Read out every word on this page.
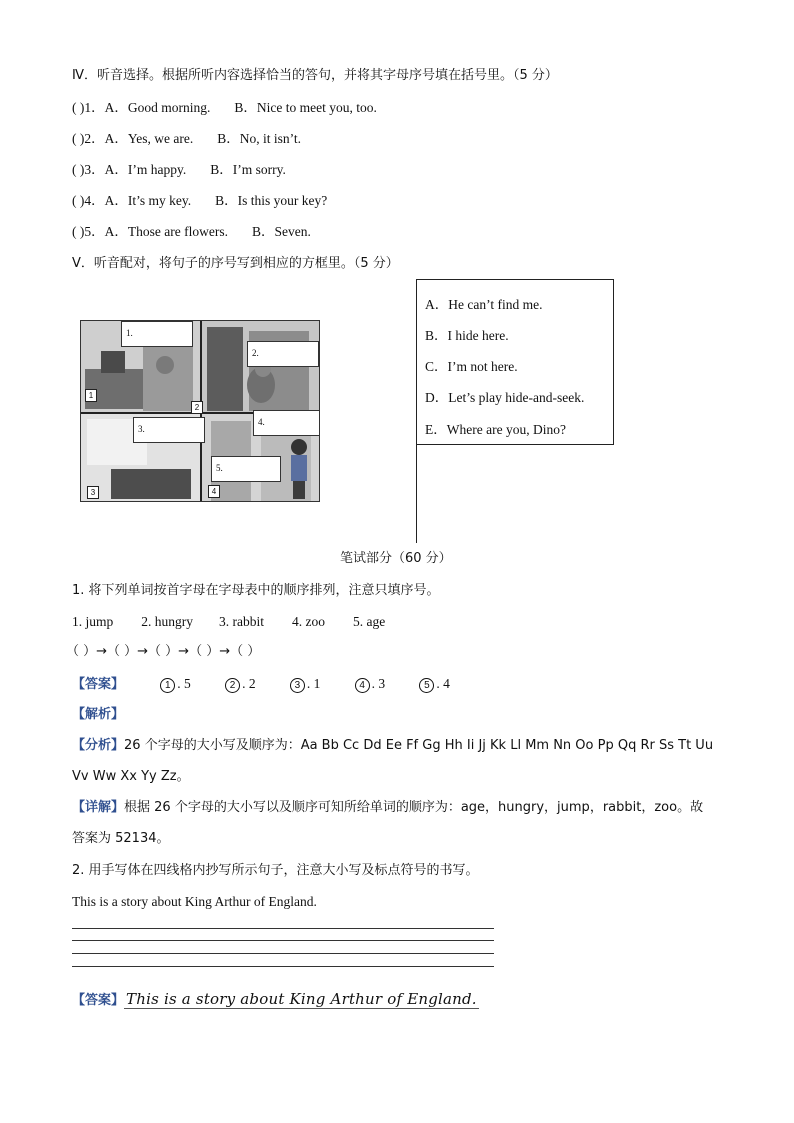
Ⅳ．听音选择。根据所听内容选择恰当的答句，并将其字母序号填在括号里。（5 分）
( )1．A．Good morning. B．Nice to meet you, too.
( )2．A．Yes, we are. B．No, it isn’t.
( )3．A．I’m happy. B．I’m sorry.
( )4．A．It’s my key. B．Is this your key?
( )5．A．Those are flowers. B．Seven.
Ⅴ．听音配对，将句子的序号写到相应的方框里。（5 分）
A．He can’t find me.
B．I hide here.
C．I’m not here.
D．Let’s play hide-and-seek.
E．Where are you, Dino?
1.
2.
3.
4.
5.
1
2
3	4
笔试部分（60 分）
1. 将下列单词按首字母在字母表中的顺序排列，注意只填序号。
1. jump 2. hungry 3. rabbit 4. zoo 5. age
（ ）→（ ）→（ ）→（ ）→（ ）
【答案】	1 . 5	2 . 2	3 . 1	4 . 3	5 . 4
【解析】
【分析】26 个字母的大小写及顺序为：Aa Bb Cc Dd Ee Ff Gg Hh Ii Jj Kk Ll Mm Nn Oo Pp Qq Rr Ss Tt Uu
Vv Ww Xx Yy Zz。
【详解】根据 26 个字母的大小写以及顺序可知所给单词的顺序为：age，hungry，jump，rabbit，zoo。故
答案为 52134。
2. 用手写体在四线格内抄写所示句子，注意大小写及标点符号的书写。
This is a story about King Arthur of England.
【答案】 This is a story about King Arthur of England.
